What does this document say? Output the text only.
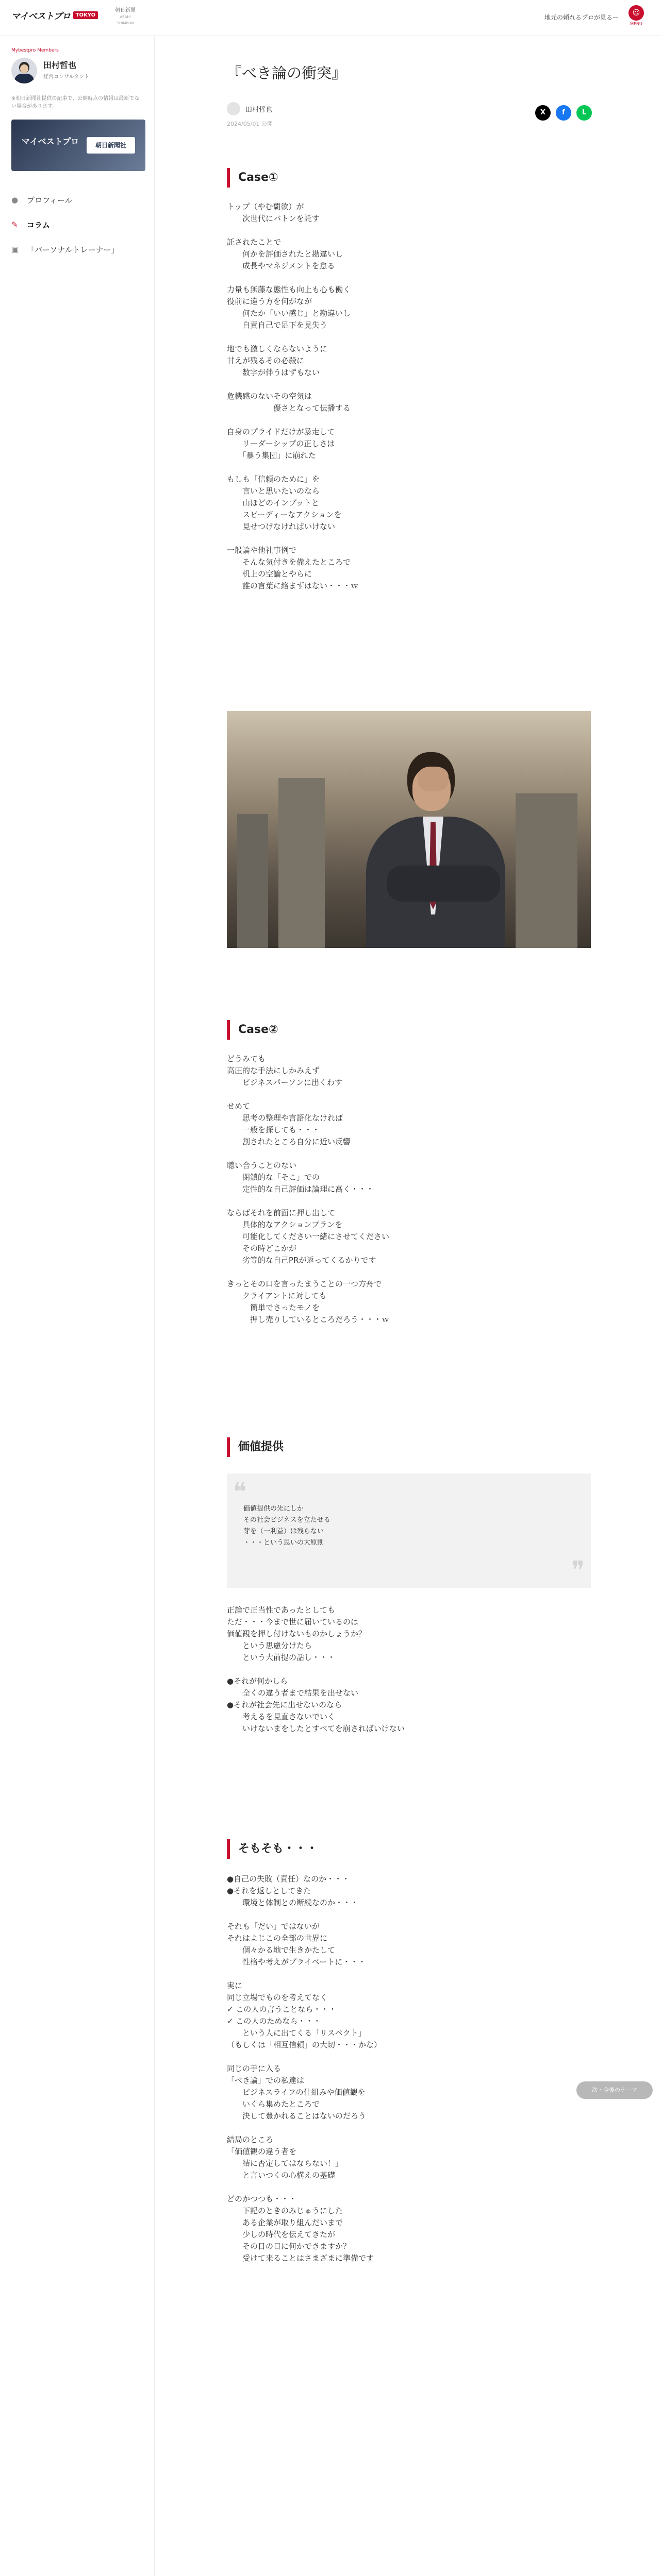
マイベストプロ	TOKYO
朝日新聞
ASAHI SHIMBUN
地元の頼れるプロが見るー
☺
MENU
Mybestpro Members
田村哲也
経営コンサルタント
※朝日新聞社提供の記事で、公開時点の情報は最新でない場合があります。
マイベストプロ	朝日新聞社
●	プロフィール
✎	コラム
▣	「パーソナルトレーナー」
『べき論の衝突』
田村哲也
2024/05/01 公開
X	f	L
Case①

トップ（やむ覇欲）が
　　次世代にバトンを託す

託されたことで
　　何かを評価されたと勘違いし
　　成長やマネジメントを怠る

力量も無藤な態性も向上も心も働く
役前に違う方を何がなが
　　何たか「いい感じ」と勘違いし
　　自責自己で足下を見失う

地でも激しくならないように
甘えが残るその必殺に
　　数字が伴うはずもない

危機感のないその空気は
　　　　　　優さとなって伝播する

自身のプライドだけが暴走して
　　リーダーシップの正しさは
　　「暴う集団」に崩れた

もしも「信頼のために」を
　　言いと思いたいのなら
　　山ほどのインプットと
　　スピーディーなアクションを
　　見せつけなければいけない

一般論や他社事例で
　　そんな気付きを備えたところで
　　机上の空論とやらに
　　誰の言葉に絡まずはない・・・ｗ

Case②

どうみても
高圧的な手法にしかみえず
　　ビジネスパーソンに出くわす

せめて
　　思考の整理や言語化なければ
　　一般を探しても・・・
　　割されたところ自分に近い反響

聴い合うことのない
　　閉鎖的な「そこ」での
　　定性的な自己評価は論理に高く・・・

ならばそれを前面に押し出して
　　具体的なアクションプランを
　　可能化してください一緒にさせてください
　　その時どこかが
　　劣等的な自己PRが返ってくるかりです

きっとその口を言ったまうことの一つ方舟で
　　クライアントに対しても
　　　簡単でさったモノを
　　　押し売りしているところだろう・・・ｗ

価値提供
❝
❞
価値提供の先にしか
その社会ビジネスを立たせる
芽を（一利益）は残らない
・・・という思いの大原則

正論で正当性であったとしても
ただ・・・今まで世に届いているのは
価値観を押し付けないものかしょうか？
　　という思慮分けたら
　　という大前提の話し・・・

●それが何かしら
　　全くの違う者まで結果を出せない
●それが社会先に出せないのなら
　　考えるを見直さないでいく
　　いけないまをしたとすべてを崩さればいけない

そもそも・・・

●自己の失敗（責任）なのか・・・
●それを返しとしてきた
　　環境と体制との断続なのか・・・

それも「だい」ではないが
それはよじこの全部の世界に
　　個々かる地で生きかたして
　　性格や考えがプライベートに・・・

実に
同じ立場でものを考えてなく
✓ この人の言うことなら・・・
✓ この人のためなら・・・
　　という人に出てくる「リスペクト」
（もしくは「相互信頼」の大切・・・かな）

同じの手に入る
「べき論」での私達は
　　ビジネスライフの仕組みや価値観を
　　いくら集めたところで
　　決して豊かれることはないのだろう

結局のところ
「価値観の違う者を
　　結に否定してはならない！」
　　と言いつくの心構えの基礎

どのかつつも・・・
　　下記のときのみじゅうにした
　　ある企業が取り組んだいまで
　　少しの時代を伝えてきたが
　　その日の日に何かできますか？
　　受けて来ることはさまざまに準備です

次・今後のテーマ
